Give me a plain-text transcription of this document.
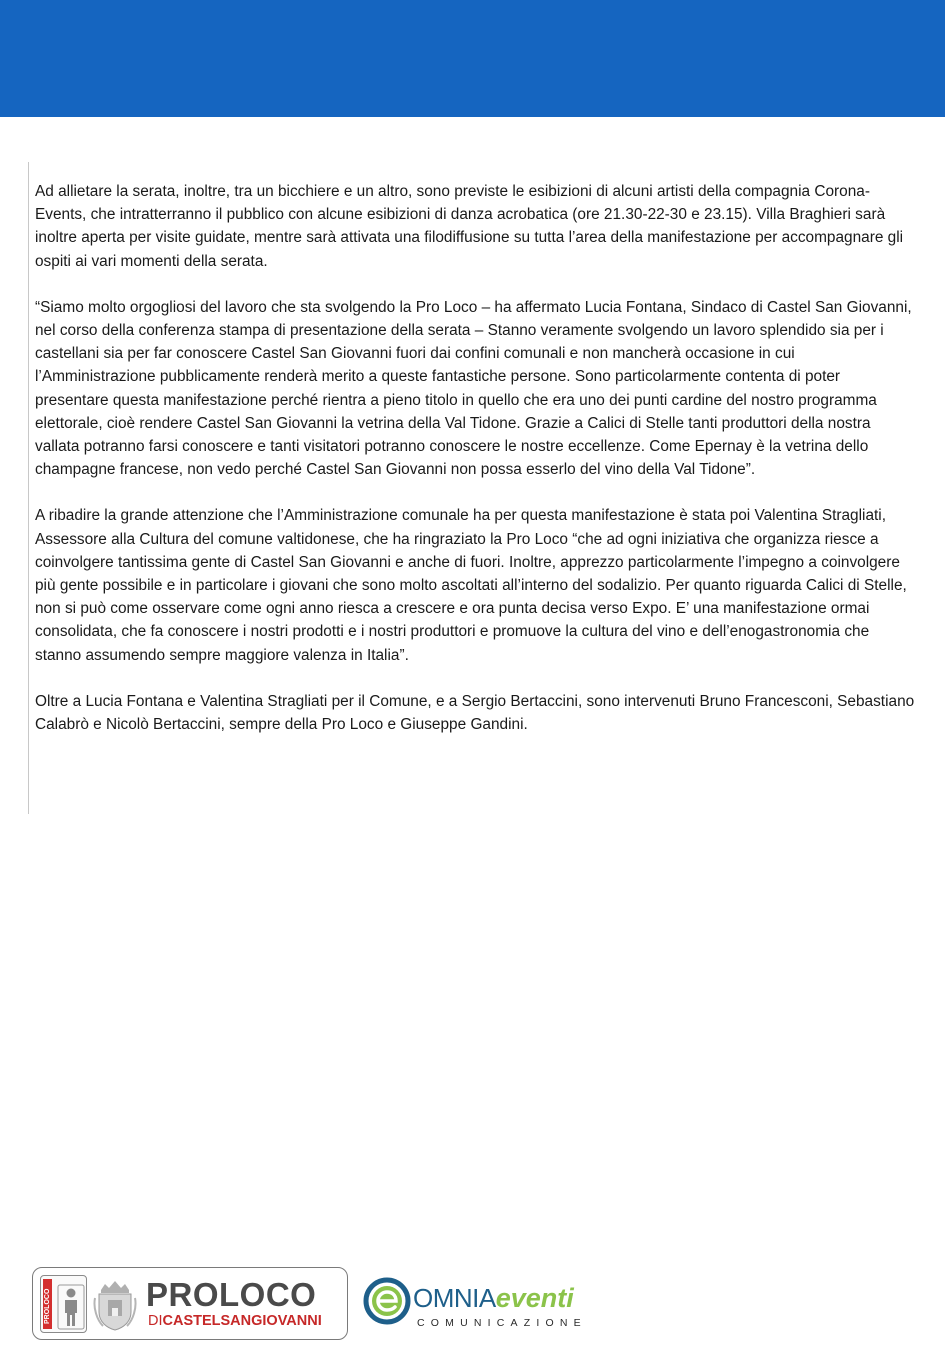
Ad allietare la serata, inoltre, tra un bicchiere e un altro, sono previste le esibizioni di alcuni artisti della compagnia Corona-Events, che intratterranno il pubblico con alcune esibizioni di danza acrobatica (ore 21.30-22-30 e 23.15). Villa Braghieri sarà inoltre aperta per visite guidate, mentre sarà attivata una filodiffusione su tutta l’area della manifestazione per accompagnare gli ospiti ai vari momenti della serata.

“Siamo molto orgogliosi del lavoro che sta svolgendo la Pro Loco – ha affermato Lucia Fontana, Sindaco di Castel San Giovanni, nel corso della conferenza stampa di presentazione della serata – Stanno veramente svolgendo un lavoro splendido sia per i castellani sia per far conoscere Castel San Giovanni fuori dai confini comunali e non mancherà occasione in cui l’Amministrazione pubblicamente renderà merito a queste fantastiche persone. Sono particolarmente contenta di poter presentare questa manifestazione perché rientra a pieno titolo in quello che era uno dei punti cardine del nostro programma elettorale, cioè rendere Castel San Giovanni la vetrina della Val Tidone. Grazie a Calici di Stelle tanti produttori della nostra vallata potranno farsi conoscere e tanti visitatori potranno conoscere le nostre eccellenze. Come Epernay è la vetrina dello champagne francese, non vedo perché Castel San Giovanni non possa esserlo del vino della Val Tidone”.

A ribadire la grande attenzione che l’Amministrazione comunale ha per questa manifestazione è stata poi Valentina Stragliati, Assessore alla Cultura del comune valtidonese, che ha ringraziato la Pro Loco “che ad ogni iniziativa che organizza riesce a coinvolgere tantissima gente di Castel San Giovanni e anche di fuori. Inoltre, apprezzo particolarmente l’impegno a coinvolgere più gente possibile e in particolare i giovani che sono molto ascoltati all’interno del sodalizio. Per quanto riguarda Calici di Stelle, non si può come osservare come ogni anno riesca a crescere e ora punta decisa verso Expo. E’ una manifestazione ormai consolidata, che fa conoscere i nostri prodotti e i nostri produttori e promuove la cultura del vino e dell’enogastronomia che stanno assumendo sempre maggiore valenza in Italia”.

Oltre a Lucia Fontana e Valentina Stragliati per il Comune, e a Sergio Bertaccini, sono intervenuti Bruno Francesconi, Sebastiano Calabrò e Nicolò Bertaccini, sempre della Pro Loco e Giuseppe Gandini.

PROLOCO	PROLOCO
DICASTELSANGIOVANNI
OMNIAeventi
COMUNICAZIONE
